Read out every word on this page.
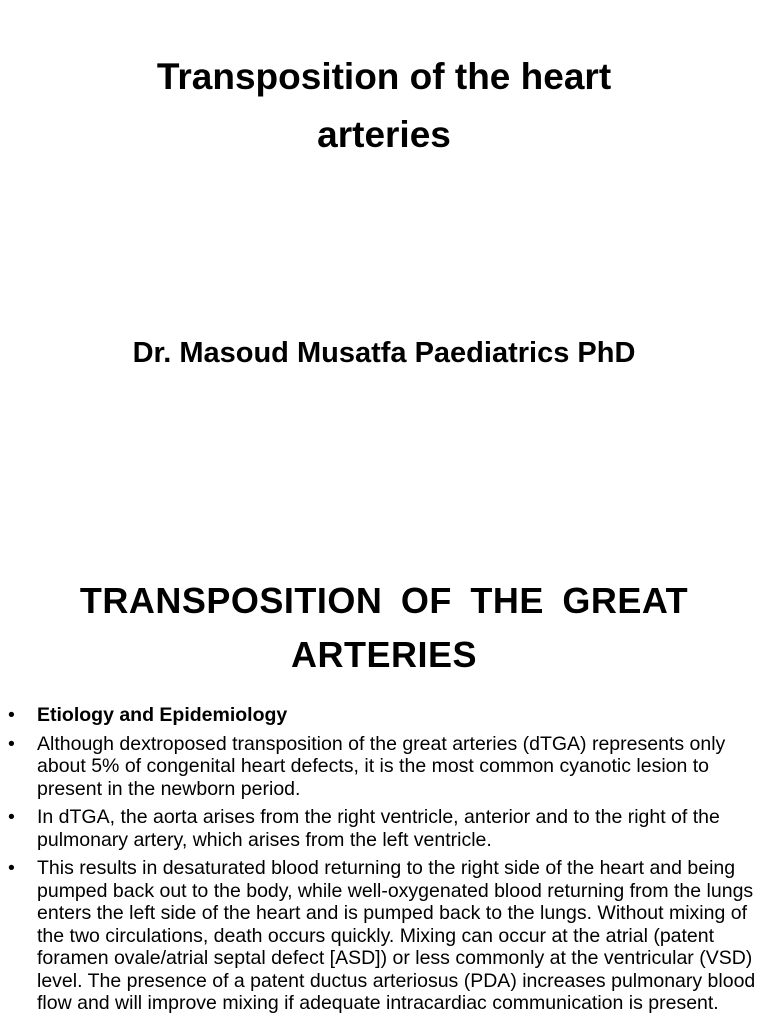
Transposition of the heart
arteries

Dr. Masoud Musatfa Paediatrics PhD

TRANSPOSITION OF THE GREAT
ARTERIES
• Etiology and Epidemiology
• Although dextroposed transposition of the great arteries (dTGA) represents only about 5% of congenital heart defects, it is the most common cyanotic lesion to present in the newborn period.
• In dTGA, the aorta arises from the right ventricle, anterior and to the right of the pulmonary artery, which arises from the left ventricle.
• This results in desaturated blood returning to the right side of the heart and being pumped back out to the body, while well-oxygenated blood returning from the lungs enters the left side of the heart and is pumped back to the lungs. Without mixing of the two circulations, death occurs quickly. Mixing can occur at the atrial (patent foramen ovale/atrial septal defect [ASD]) or less commonly at the ventricular (VSD) level. The presence of a patent ductus arteriosus (PDA) increases pulmonary blood flow and will improve mixing if adequate intracardiac communication is present.
